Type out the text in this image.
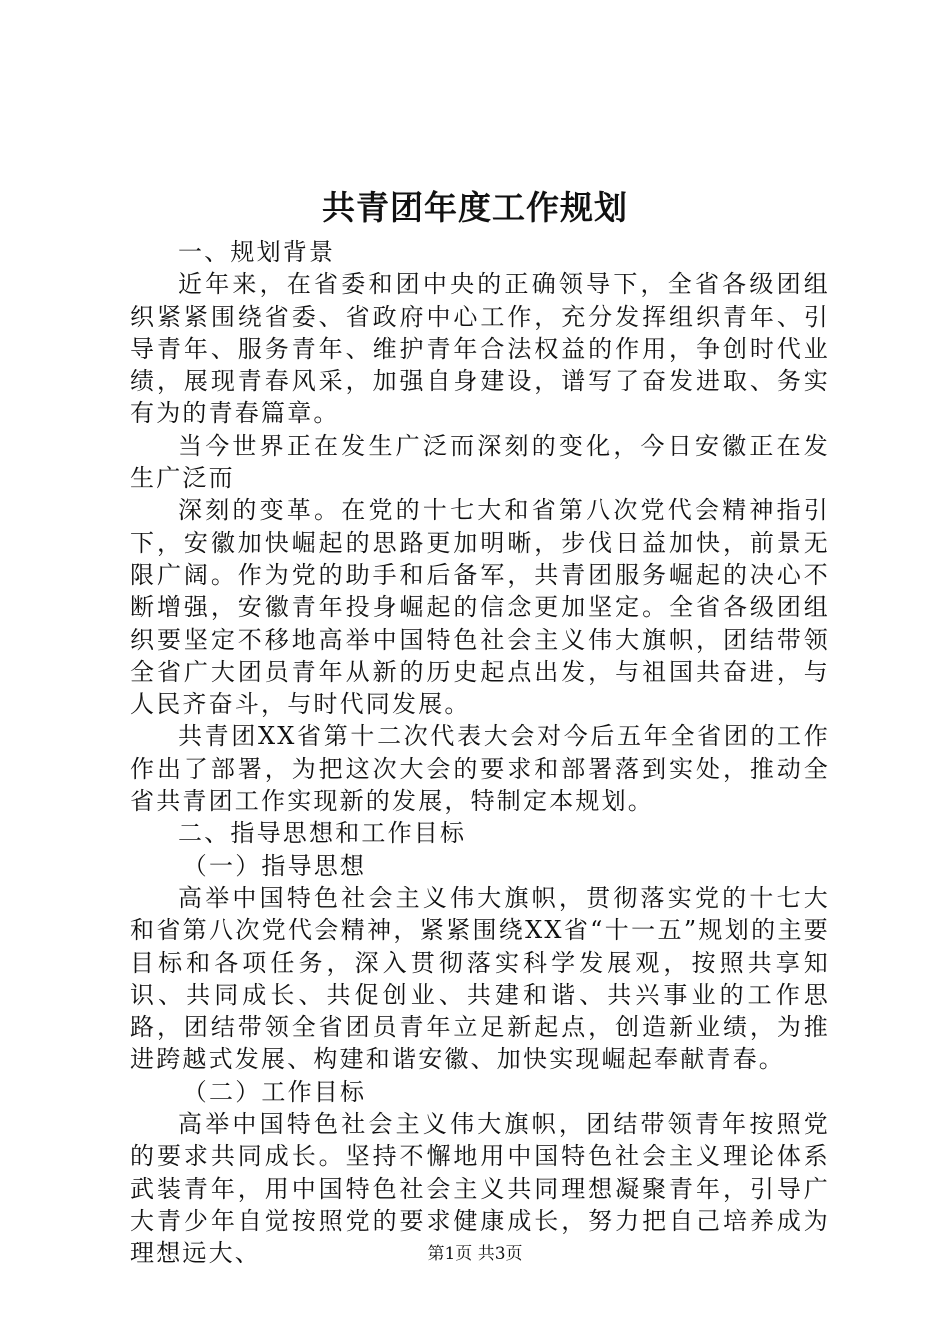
共青团年度工作规划

一、规划背景

近年来，在省委和团中央的正确领导下，全省各级团组织紧紧围绕省委、省政府中心工作，充分发挥组织青年、引导青年、服务青年、维护青年合法权益的作用，争创时代业绩，展现青春风采，加强自身建设，谱写了奋发进取、务实有为的青春篇章。

当今世界正在发生广泛而深刻的变化，今日安徽正在发生广泛而

深刻的变革。在党的十七大和省第八次党代会精神指引下，安徽加快崛起的思路更加明晰，步伐日益加快，前景无限广阔。作为党的助手和后备军，共青团服务崛起的决心不断增强，安徽青年投身崛起的信念更加坚定。全省各级团组织要坚定不移地高举中国特色社会主义伟大旗帜，团结带领全省广大团员青年从新的历史起点出发，与祖国共奋进，与人民齐奋斗，与时代同发展。

共青团XX省第十二次代表大会对今后五年全省团的工作作出了部署，为把这次大会的要求和部署落到实处，推动全省共青团工作实现新的发展，特制定本规划。

二、指导思想和工作目标

（一）指导思想

高举中国特色社会主义伟大旗帜，贯彻落实党的十七大和省第八次党代会精神，紧紧围绕XX省“十一五”规划的主要目标和各项任务，深入贯彻落实科学发展观，按照共享知识、共同成长、共促创业、共建和谐、共兴事业的工作思路，团结带领全省团员青年立足新起点，创造新业绩，为推进跨越式发展、构建和谐安徽、加快实现崛起奉献青春。

（二）工作目标

高举中国特色社会主义伟大旗帜，团结带领青年按照党的要求共同成长。坚持不懈地用中国特色社会主义理论体系武装青年，用中国特色社会主义共同理想凝聚青年，引导广大青少年自觉按照党的要求健康成长，努力把自己培养成为理想远大、	第1页 共3页
